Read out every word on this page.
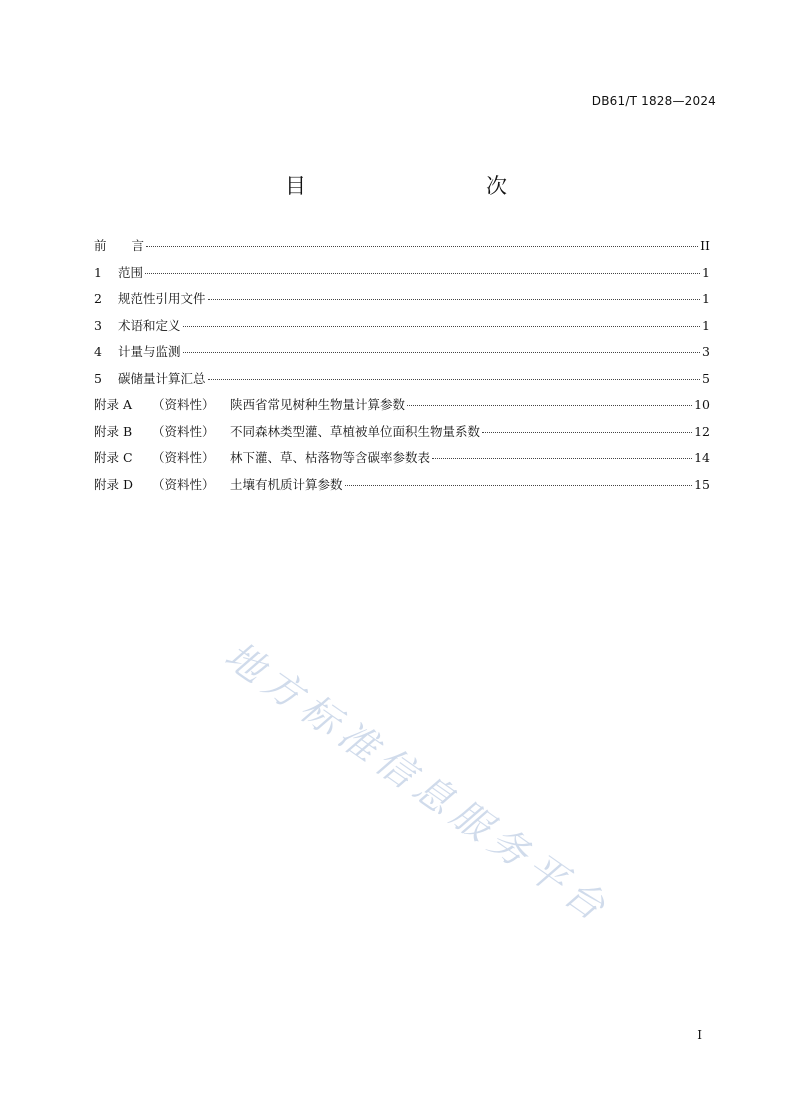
DB61/T 1828—2024
目　　次
前　　言	II
1	范围	1
2	规范性引用文件	1
3	术语和定义	1
4	计量与监测	3
5	碳储量计算汇总	5
附录 A	（资料性）	陕西省常见树种生物量计算参数	10
附录 B	（资料性）	不同森林类型灌、草植被单位面积生物量系数	12
附录 C	（资料性）	林下灌、草、枯落物等含碳率参数表	14
附录 D	（资料性）	土壤有机质计算参数	15
地方标准信息服务平台
I
